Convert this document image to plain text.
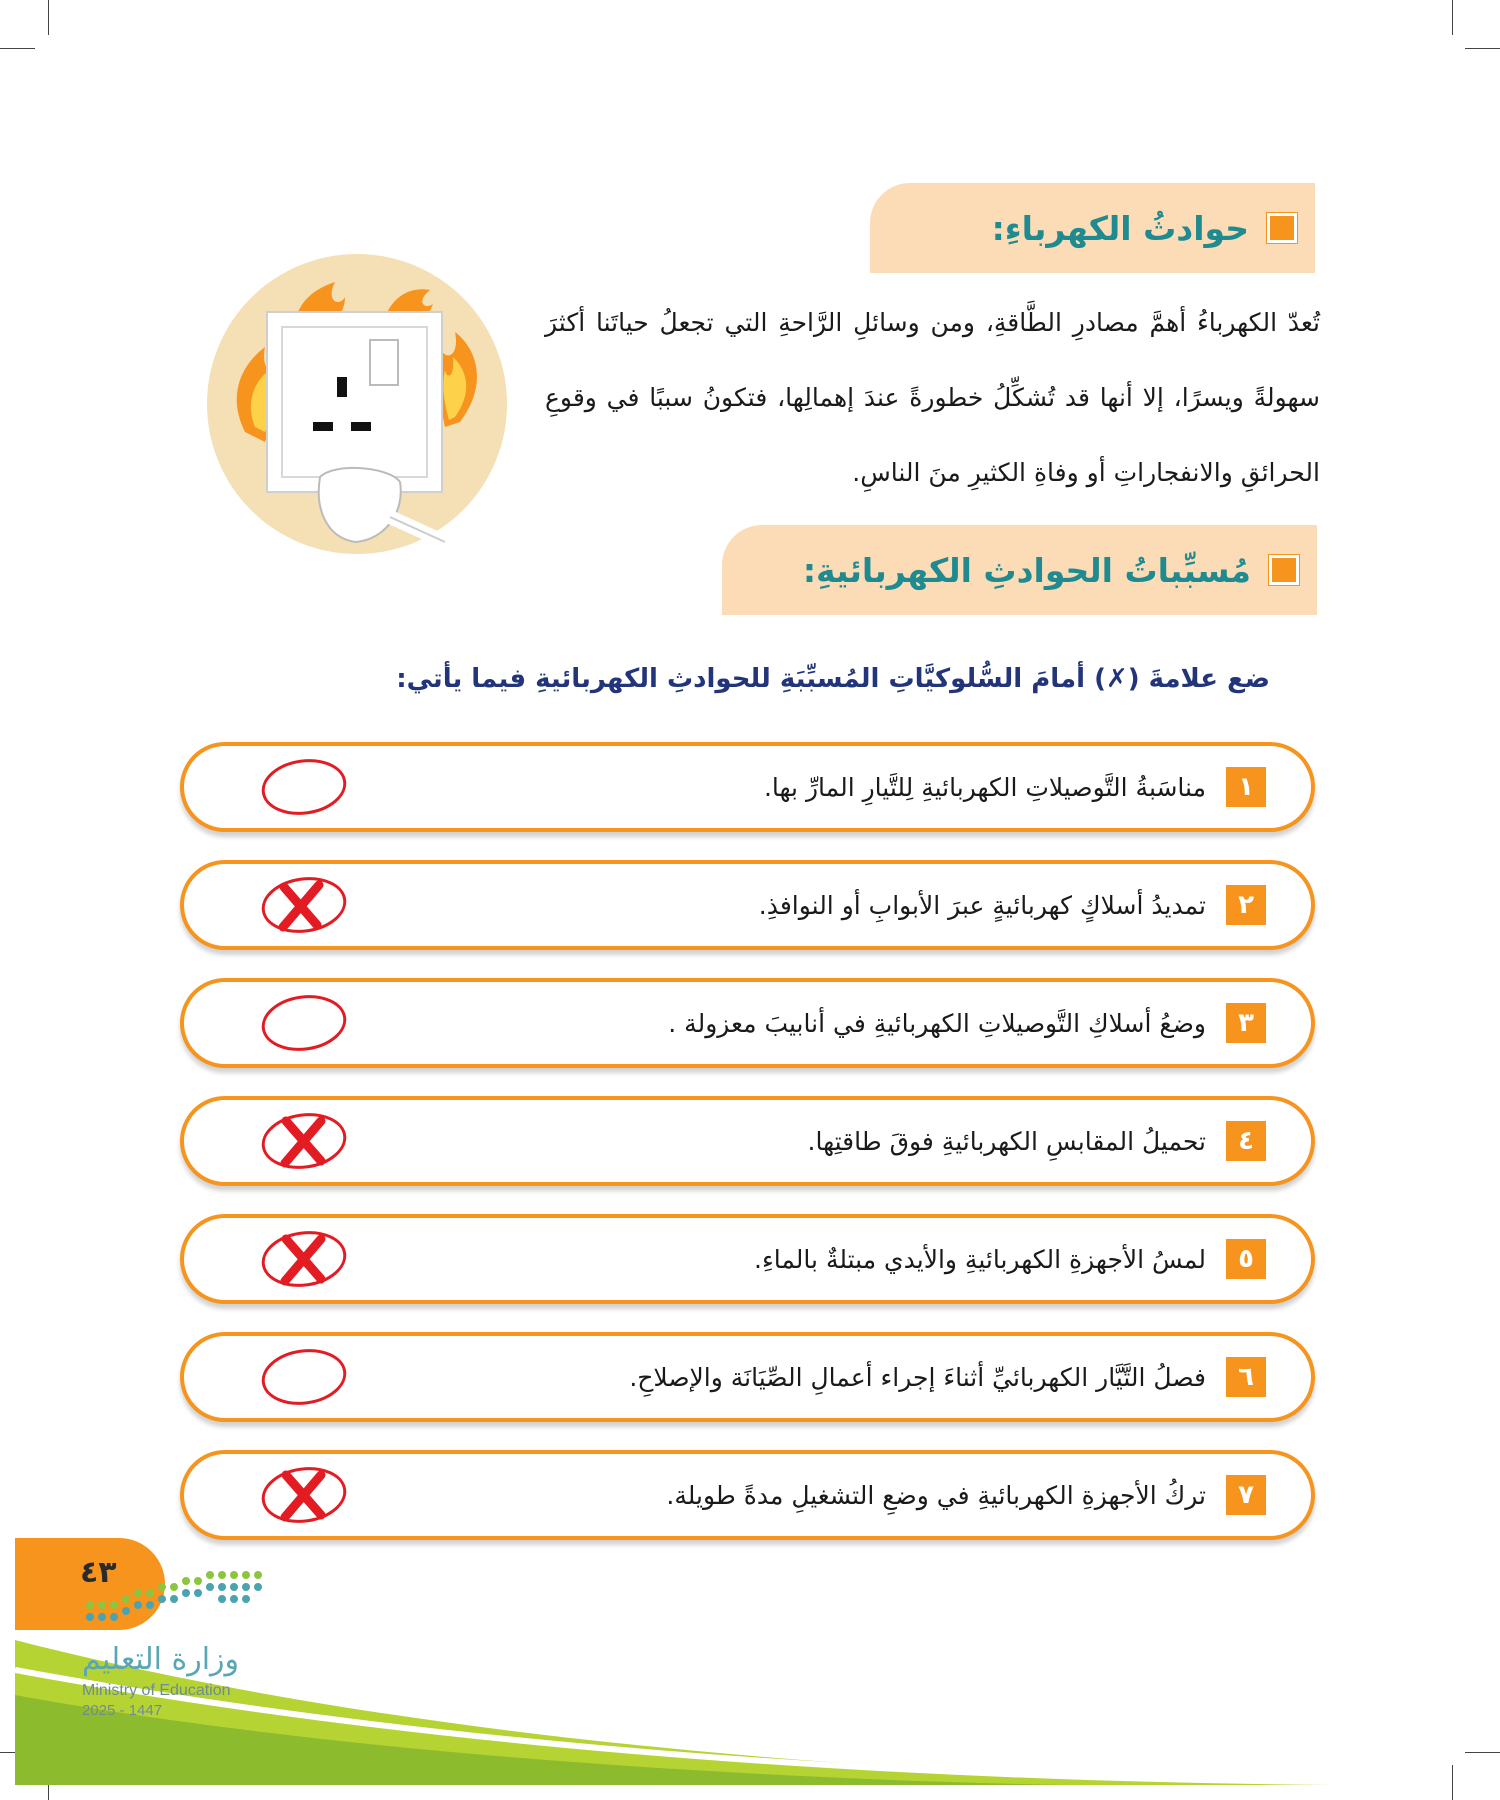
حوادثُ الكهرباءِ:

تُعدّ الكهرباءُ أهمَّ مصادرِ الطَّاقةِ، ومن وسائلِ الرَّاحةِ التي تجعلُ حياتَنا أكثرَ سهولةً ويسرًا، إلا أنها قد تُشكِّلُ خطورةً عندَ إهمالِها، فتكونُ سببًا في وقوعِ الحرائقِ والانفجاراتِ أو وفاةِ الكثيرِ منَ الناسِ.

مُسبِّباتُ الحوادثِ الكهربائيةِ:
ضع علامةَ (✗) أمامَ السُّلوكيَّاتِ المُسبِّبَةِ للحوادثِ الكهربائيةِ فيما يأتي:
١
مناسَبةُ التَّوصيلاتِ الكهربائيةِ لِلتَّيارِ المارِّ بها.
٢
تمديدُ أسلاكٍ كهربائيةٍ عبرَ الأبوابِ أو النوافذِ.
٣
وضعُ أسلاكِ التَّوصيلاتِ الكهربائيةِ في أنابيبَ معزولة .
٤
تحميلُ المقابسِ الكهربائيةِ فوقَ طاقتِها.
٥
لمسُ الأجهزةِ الكهربائيةِ والأيدي مبتلةٌ بالماءِ.
٦
فصلُ التَّيَّار الكهربائيِّ أثناءَ إجراء أعمالِ الصِّيَانَة والإصلاحِ.
٧
تركُ الأجهزةِ الكهربائيةِ في وضعِ التشغيلِ مدةً طويلة.
٤٣
وزارة التعليم
Ministry of Education
2025 - 1447
